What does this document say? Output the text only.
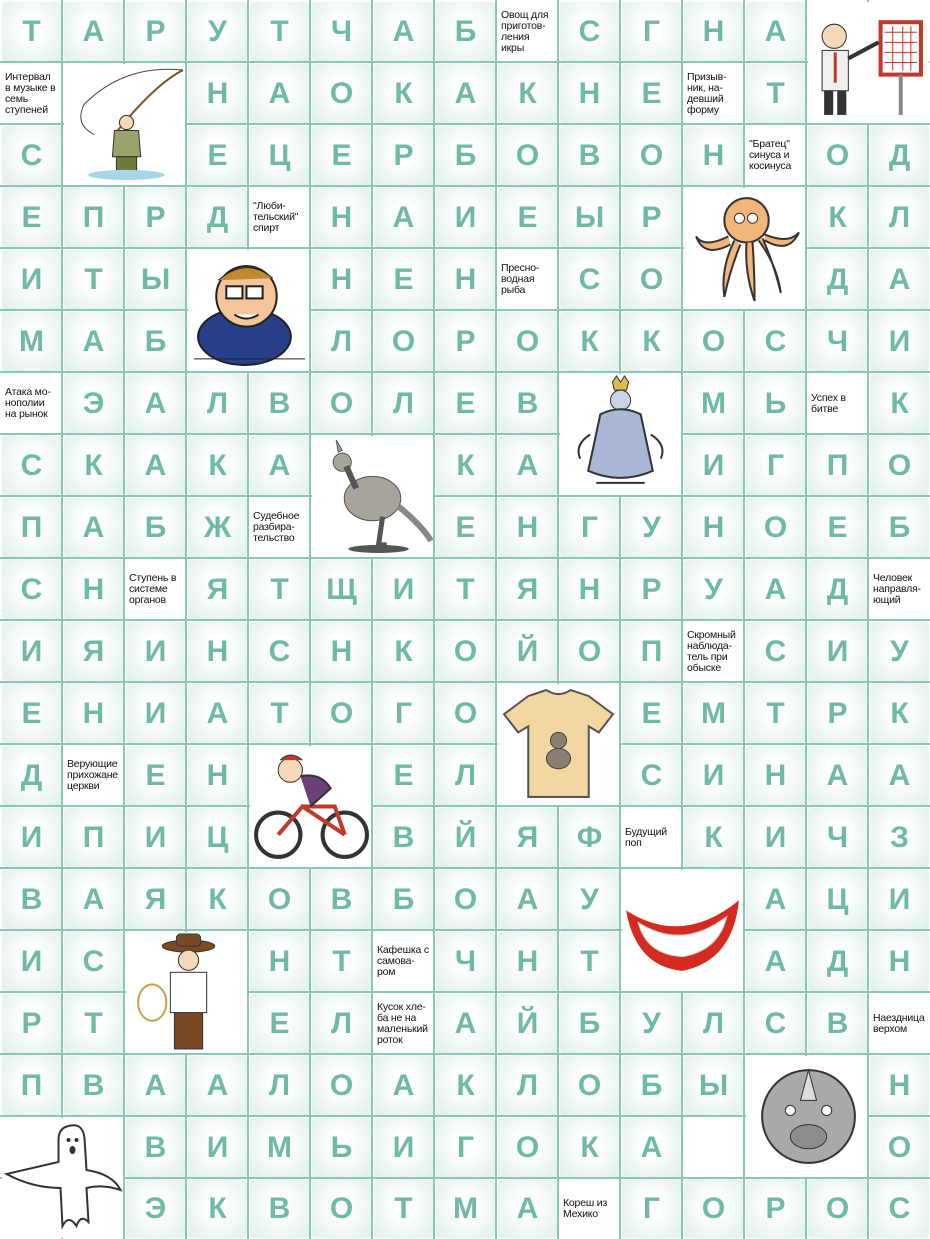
Т А Р У Т Ч А Б Овощ для приготов-ления икры	С Г Н А
Интервал в музыке в семь ступеней	Н А О К А К Н Е Призыв-ник, на-девший форму	Т
С	Е Ц Е Р Б О В О Н "Братец" синуса и косинуса	О Д
Е П Р Д "Люби-тельский" спирт	Н А И Е Ы Р	К Л
И Т Ы	Н Е Н Пресно-водная рыба	С О	Д А
М А Б	Л О Р О К К О С Ч И
Атака мо-нополии на рынок	Э А Л В О Л Е В	М Ь Успех в битве	К
С К А К А	К А	И Г П О
П А Б Ж Судебное разбира-тельство	Е Н Г У Н О Е Б
С Н Ступень в системе органов	Я Т Щ И Т Я Н Р У А Д Человек направля-ющий
И Я И Н С Н К О Й О П Скромный наблюда-тель при обыске	С И У
Е Н И А Т О Г О	Е М Т Р К
Д Верующие прихожане церкви	Е Н	Е Л	С И Н А А
И П И Ц	В Й Я Ф Будущий поп	К И Ч З
В А Я К О В Б О А У	А Ц И
И С	Н Т	Кафешка с самова-ром	Ч Н Т	А Д Н
Р Т	Е Л Кусок хле-ба не на маленький роток	А Й Б У Л С В Наездница верхом
П В А А Л О А К Л О Б Ы	Н
В И М Ь И Г О К А	О
Э К В О Т М А Кореш из Мехико	Г О Р О С
